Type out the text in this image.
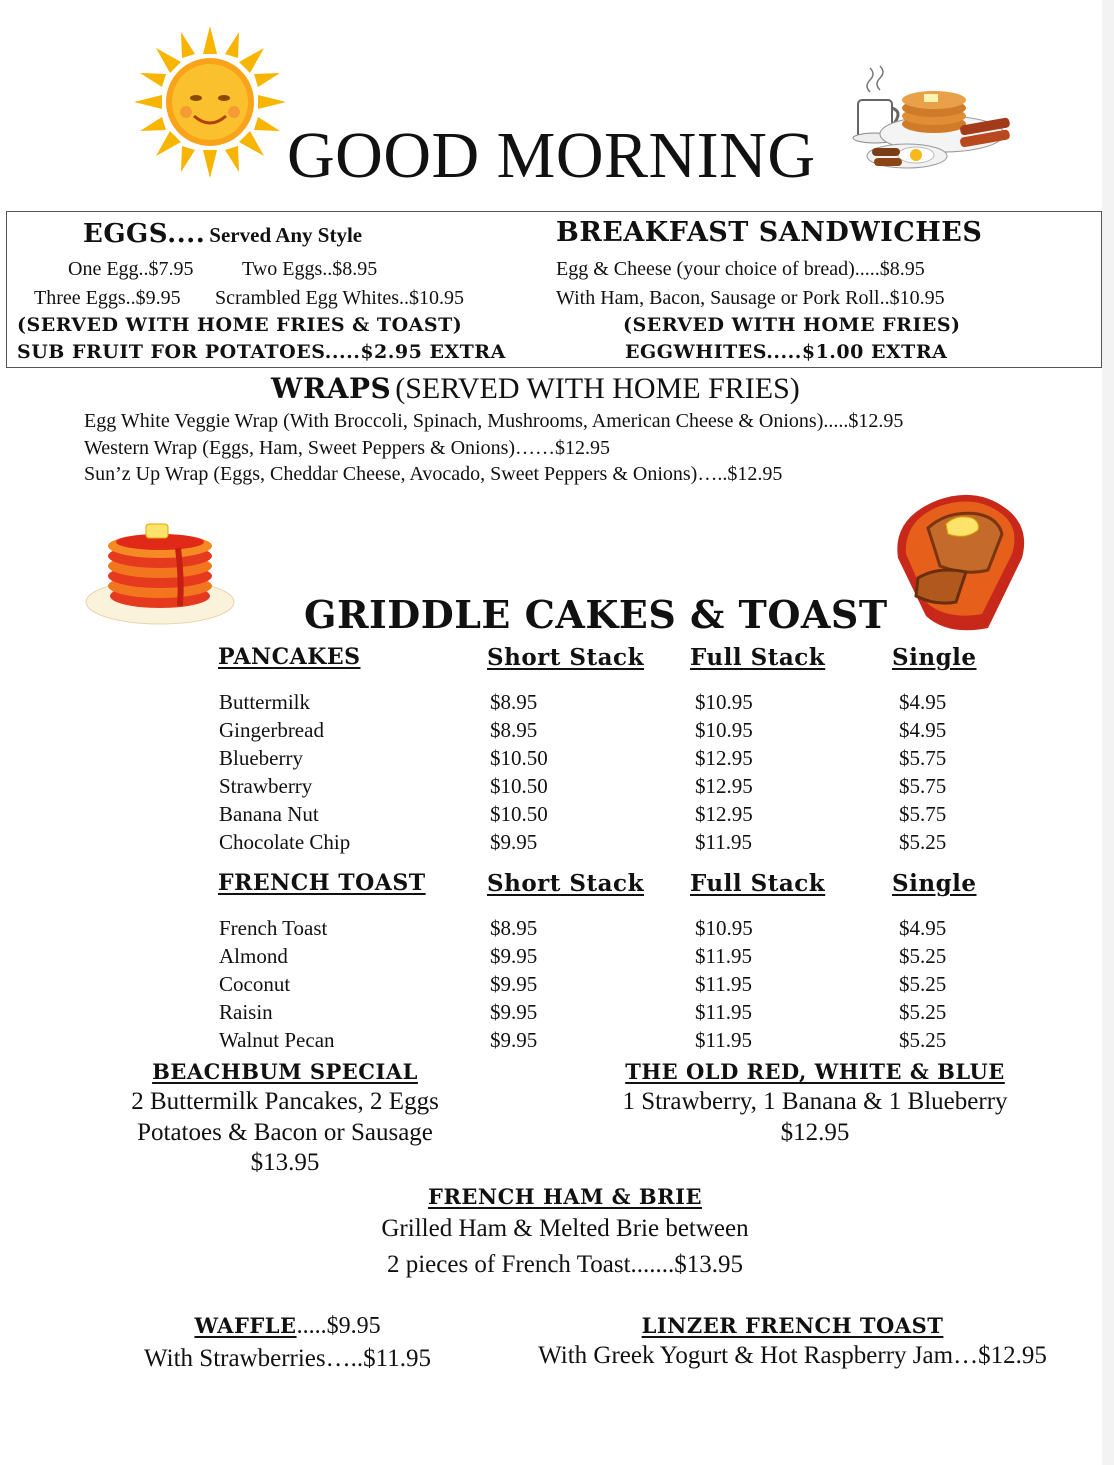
GOOD MORNING
EGGS.... Served Any Style
One Egg..$7.95 Two Eggs..$8.95
Three Eggs..$9.95 Scrambled Egg Whites..$10.95
(SERVED WITH HOME FRIES & TOAST)
SUB FRUIT FOR POTATOES.....$2.95 EXTRA
BREAKFAST SANDWICHES
Egg & Cheese (your choice of bread).....$8.95
With Ham, Bacon, Sausage or Pork Roll..$10.95
(SERVED WITH HOME FRIES)
EGGWHITES.....$1.00 EXTRA
WRAPS (SERVED WITH HOME FRIES)
Egg White Veggie Wrap (With Broccoli, Spinach, Mushrooms, American Cheese & Onions).....$12.95
Western Wrap (Eggs, Ham, Sweet Peppers & Onions)……$12.95
Sun’z Up Wrap (Eggs, Cheddar Cheese, Avocado, Sweet Peppers & Onions)…..$12.95
GRIDDLE CAKES & TOAST
PANCAKES	Short Stack Full Stack	Single
Buttermilk	$8.95	$10.95	$4.95
Gingerbread	$8.95	$10.95	$4.95
Blueberry	$10.50	$12.95	$5.75
Strawberry	$10.50	$12.95	$5.75
Banana Nut	$10.50	$12.95	$5.75
Chocolate Chip	$9.95	$11.95	$5.25
FRENCH TOAST	Short Stack Full Stack	Single
French Toast	$8.95	$10.95	$4.95
Almond	$9.95	$11.95	$5.25
Coconut	$9.95	$11.95	$5.25
Raisin	$9.95	$11.95	$5.25
Walnut Pecan	$9.95	$11.95	$5.25
BEACHBUM SPECIAL
2 Buttermilk Pancakes, 2 Eggs
Potatoes & Bacon or Sausage
$13.95
THE OLD RED, WHITE & BLUE
1 Strawberry, 1 Banana & 1 Blueberry
$12.95
FRENCH HAM & BRIE
Grilled Ham & Melted Brie between
2 pieces of French Toast.......$13.95
WAFFLE.....$9.95
With Strawberries…..$11.95
LINZER FRENCH TOAST
With Greek Yogurt & Hot Raspberry Jam…$12.95
